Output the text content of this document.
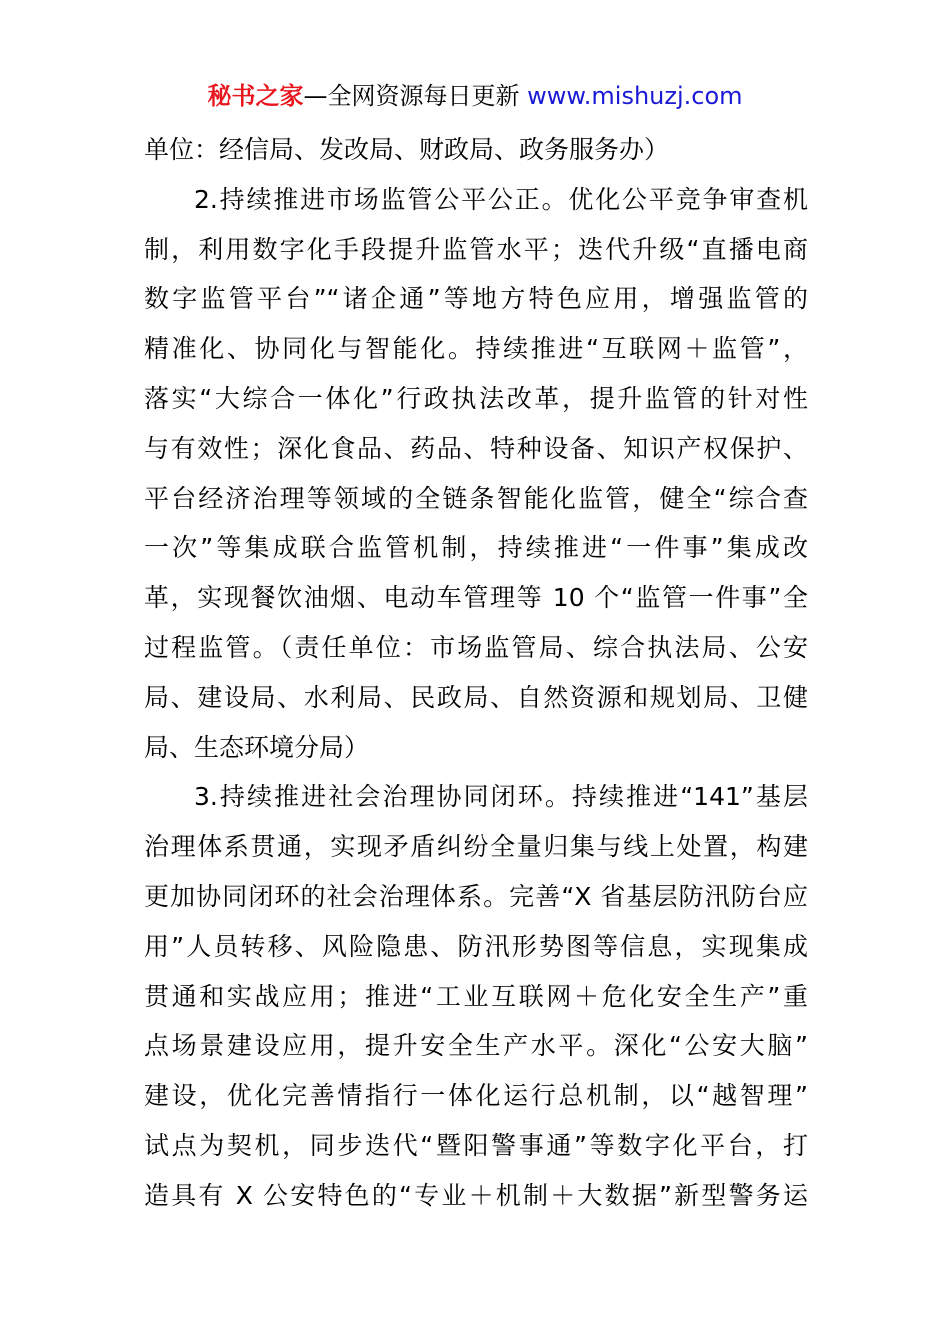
秘书之家—全网资源每日更新 www.mishuzj.com
单位：经信局、发改局、财政局、政务服务办）
2.持续推进市场监管公平公正。优化公平竞争审查机
制，利用数字化手段提升监管水平；迭代升级“直播电商
数字监管平台”“诸企通”等地方特色应用，增强监管的
精准化、协同化与智能化。持续推进“互联网＋监管”，
落实“大综合一体化”行政执法改革，提升监管的针对性
与有效性；深化食品、药品、特种设备、知识产权保护、
平台经济治理等领域的全链条智能化监管，健全“综合查
一次”等集成联合监管机制，持续推进“一件事”集成改
革，实现餐饮油烟、电动车管理等 10 个“监管一件事”全
过程监管。（责任单位：市场监管局、综合执法局、公安
局、建设局、水利局、民政局、自然资源和规划局、卫健
局、生态环境分局）
3.持续推进社会治理协同闭环。持续推进“141”基层
治理体系贯通，实现矛盾纠纷全量归集与线上处置，构建
更加协同闭环的社会治理体系。完善“X 省基层防汛防台应
用”人员转移、风险隐患、防汛形势图等信息，实现集成
贯通和实战应用；推进“工业互联网＋危化安全生产”重
点场景建设应用，提升安全生产水平。深化“公安大脑”
建设，优化完善情指行一体化运行总机制，以“越智理”
试点为契机，同步迭代“暨阳警事通”等数字化平台，打
造具有 X 公安特色的“专业＋机制＋大数据”新型警务运
